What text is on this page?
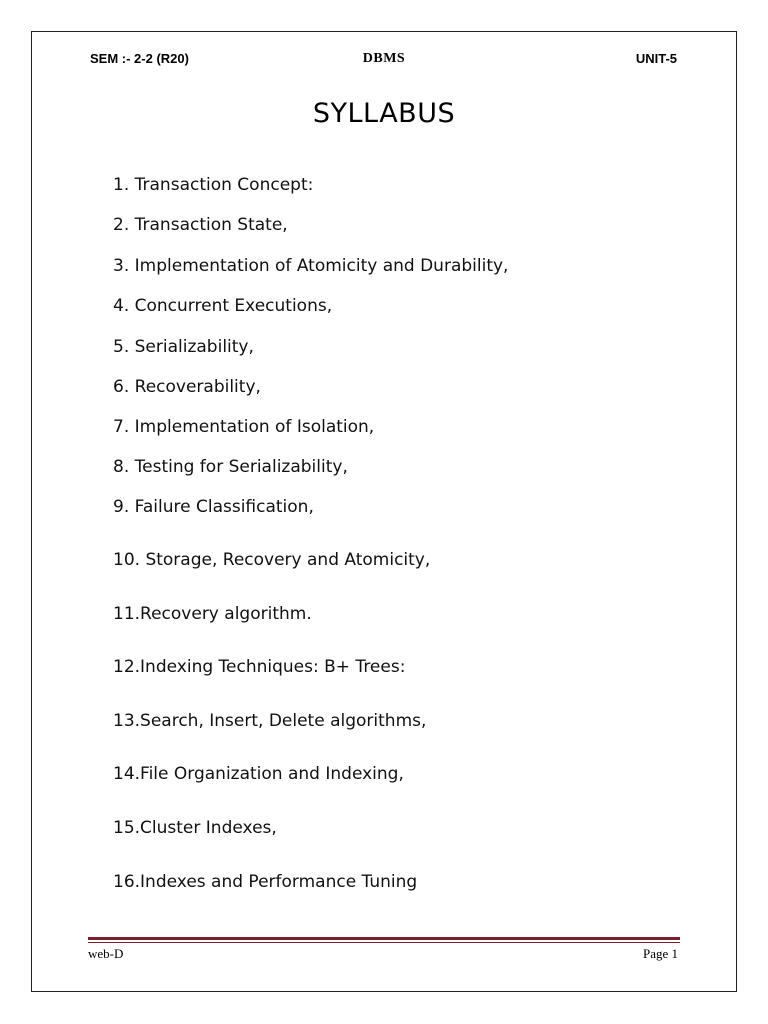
SEM :- 2-2 (R20)	DBMS	UNIT-5
SYLLABUS
1. Transaction Concept:
2. Transaction State,
3. Implementation of Atomicity and Durability,
4. Concurrent Executions,
5. Serializability,
6. Recoverability,
7. Implementation of Isolation,
8. Testing for Serializability,
9. Failure Classification,
10. Storage, Recovery and Atomicity,
11.Recovery algorithm.
12.Indexing Techniques: B+ Trees:
13.Search, Insert, Delete algorithms,
14.File Organization and Indexing,
15.Cluster Indexes,
16.Indexes and Performance Tuning
web-D	Page 1
